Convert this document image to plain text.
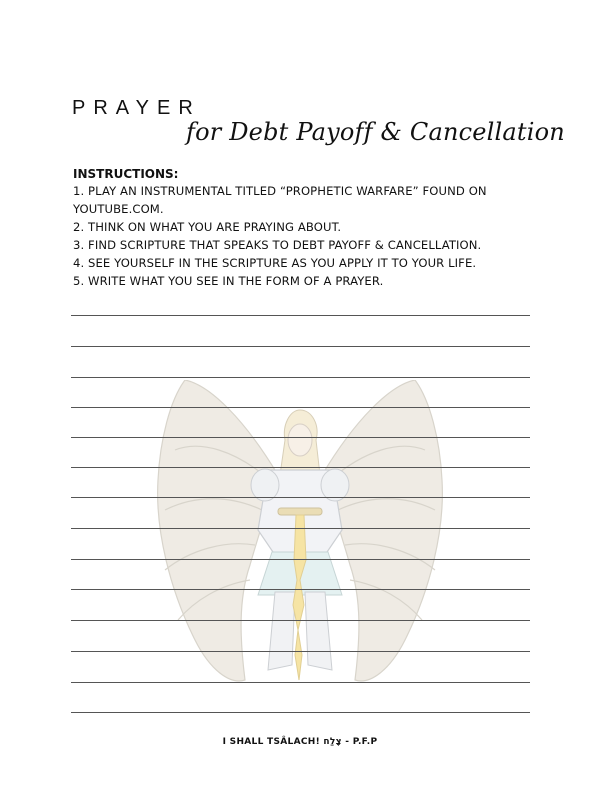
PRAYER
for Debt Payoff & Cancellation

INSTRUCTIONS:

1. PLAY AN INSTRUMENTAL TITLED “PROPHETIC WARFARE” FOUND ON
YOUTUBE.COM.
2. THINK ON WHAT YOU ARE PRAYING ABOUT.
3. FIND SCRIPTURE THAT SPEAKS TO DEBT PAYOFF & CANCELLATION.
4. SEE YOURSELF IN THE SCRIPTURE AS YOU APPLY IT TO YOUR LIFE.
5. WRITE WHAT YOU SEE IN THE FORM OF A PRAYER.
I SHALL TSÂLACH! צָלַח - P.F.P
